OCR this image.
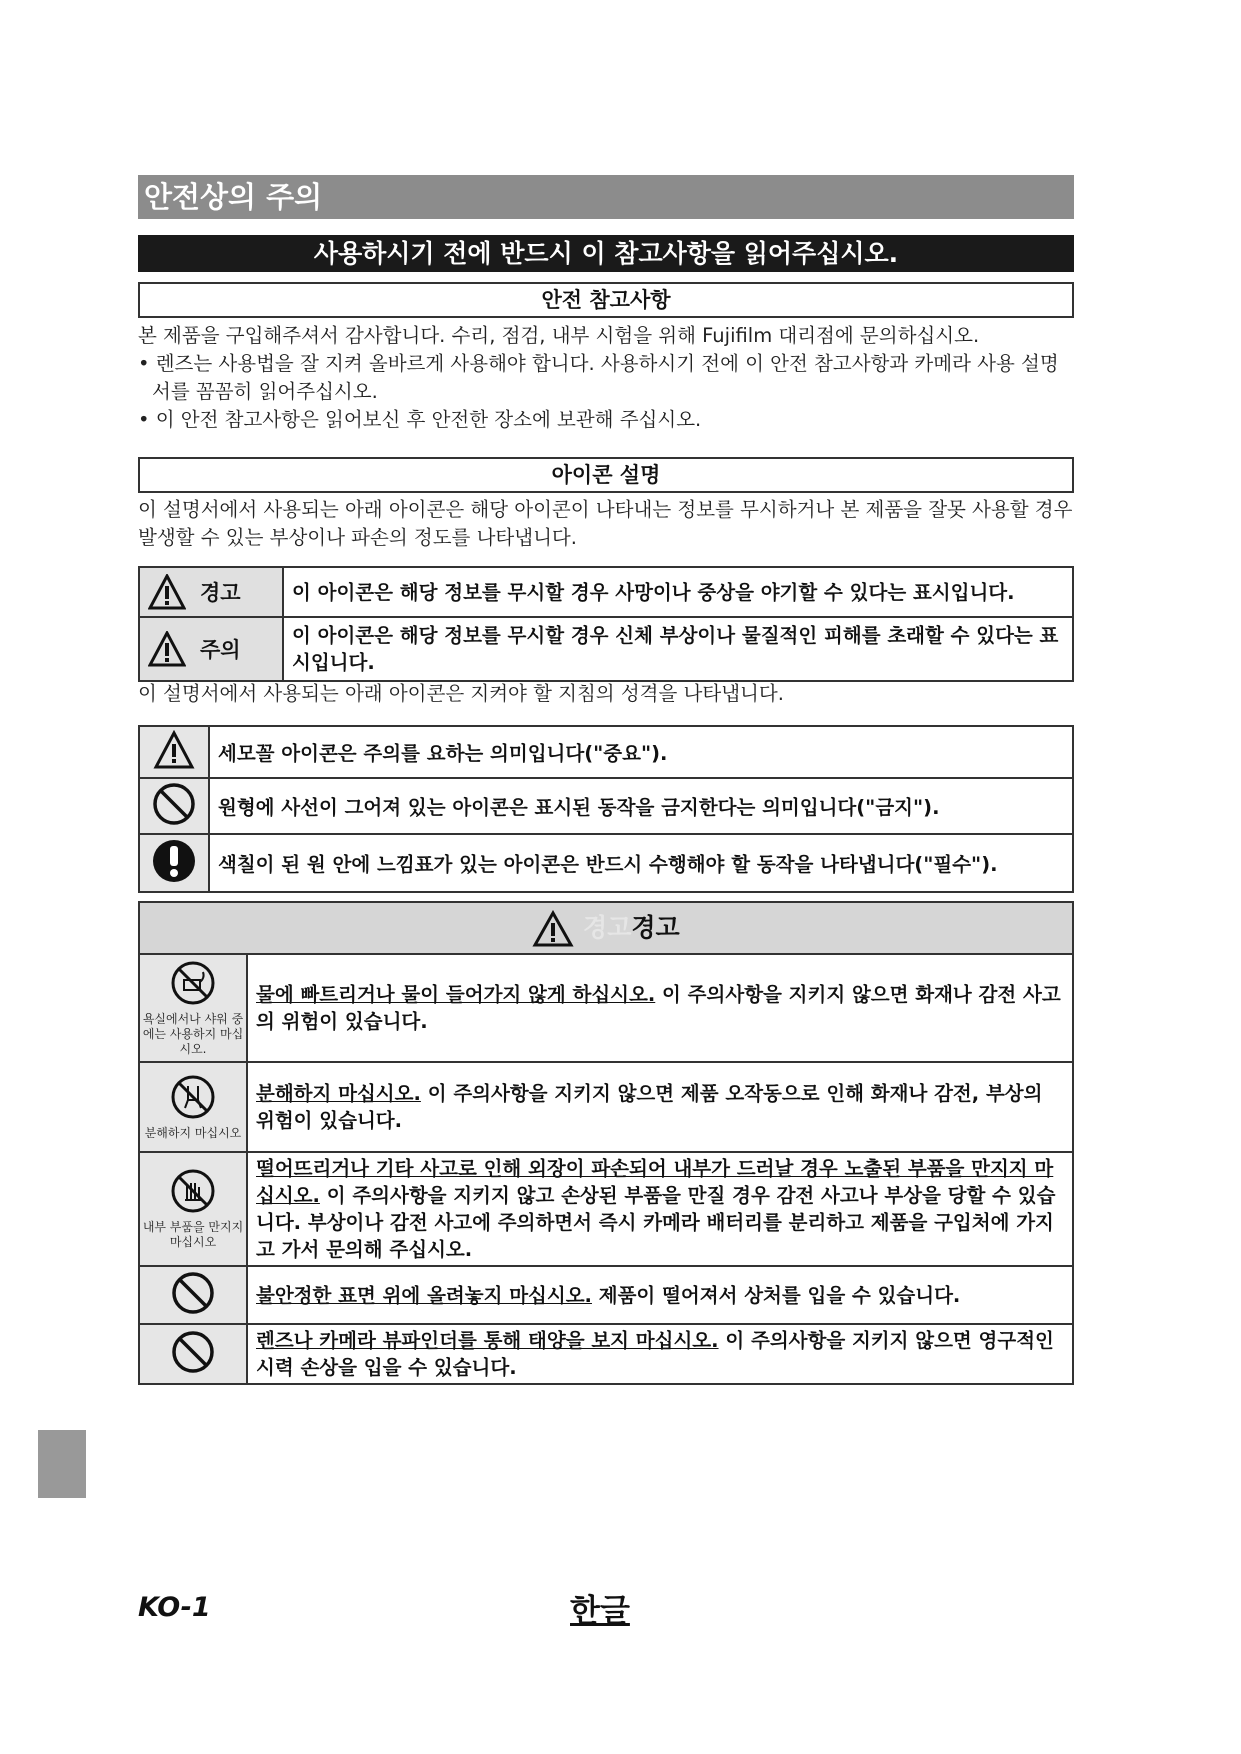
안전상의 주의
사용하시기 전에 반드시 이 참고사항을 읽어주십시오.
안전 참고사항
본 제품을 구입해주셔서 감사합니다. 수리, 점검, 내부 시험을 위해 Fujifilm 대리점에 문의하십시오.
• 렌즈는 사용법을 잘 지켜 올바르게 사용해야 합니다. 사용하시기 전에 이 안전 참고사항과 카메라 사용 설명서를 꼼꼼히 읽어주십시오.
• 이 안전 참고사항은 읽어보신 후 안전한 장소에 보관해 주십시오.
아이콘 설명
이 설명서에서 사용되는 아래 아이콘은 해당 아이콘이 나타내는 정보를 무시하거나 본 제품을 잘못 사용할 경우 발생할 수 있는 부상이나 파손의 정도를 나타냅니다.
경고	이 아이콘은 해당 정보를 무시할 경우 사망이나 중상을 야기할 수 있다는 표시입니다.

주의	이 아이콘은 해당 정보를 무시할 경우 신체 부상이나 물질적인 피해를 초래할 수 있다는 표시입니다.
이 설명서에서 사용되는 아래 아이콘은 지켜야 할 지침의 성격을 나타냅니다.
	세모꼴 아이콘은 주의를 요하는 의미입니다("중요").
	원형에 사선이 그어져 있는 아이콘은 표시된 동작을 금지한다는 의미입니다("금지").
	색칠이 된 원 안에 느낌표가 있는 아이콘은 반드시 수행해야 할 동작을 나타냅니다("필수").
경고경고	

욕실에서나 샤워 중에는 사용하지 마십시오.	물에 빠트리거나 물이 들어가지 않게 하십시오. 이 주의사항을 지키지 않으면 화재나 감전 사고의 위험이 있습니다.

분해하지 마십시오	분해하지 마십시오. 이 주의사항을 지키지 않으면 제품 오작동으로 인해 화재나 감전, 부상의 위험이 있습니다.

내부 부품을 만지지 마십시오	떨어뜨리거나 기타 사고로 인해 외장이 파손되어 내부가 드러날 경우 노출된 부품을 만지지 마십시오. 이 주의사항을 지키지 않고 손상된 부품을 만질 경우 감전 사고나 부상을 당할 수 있습니다. 부상이나 감전 사고에 주의하면서 즉시 카메라 배터리를 분리하고 제품을 구입처에 가지고 가서 문의해 주십시오.
	불안정한 표면 위에 올려놓지 마십시오. 제품이 떨어져서 상처를 입을 수 있습니다.
	렌즈나 카메라 뷰파인더를 통해 태양을 보지 마십시오. 이 주의사항을 지키지 않으면 영구적인 시력 손상을 입을 수 있습니다.
KO-1	한글
